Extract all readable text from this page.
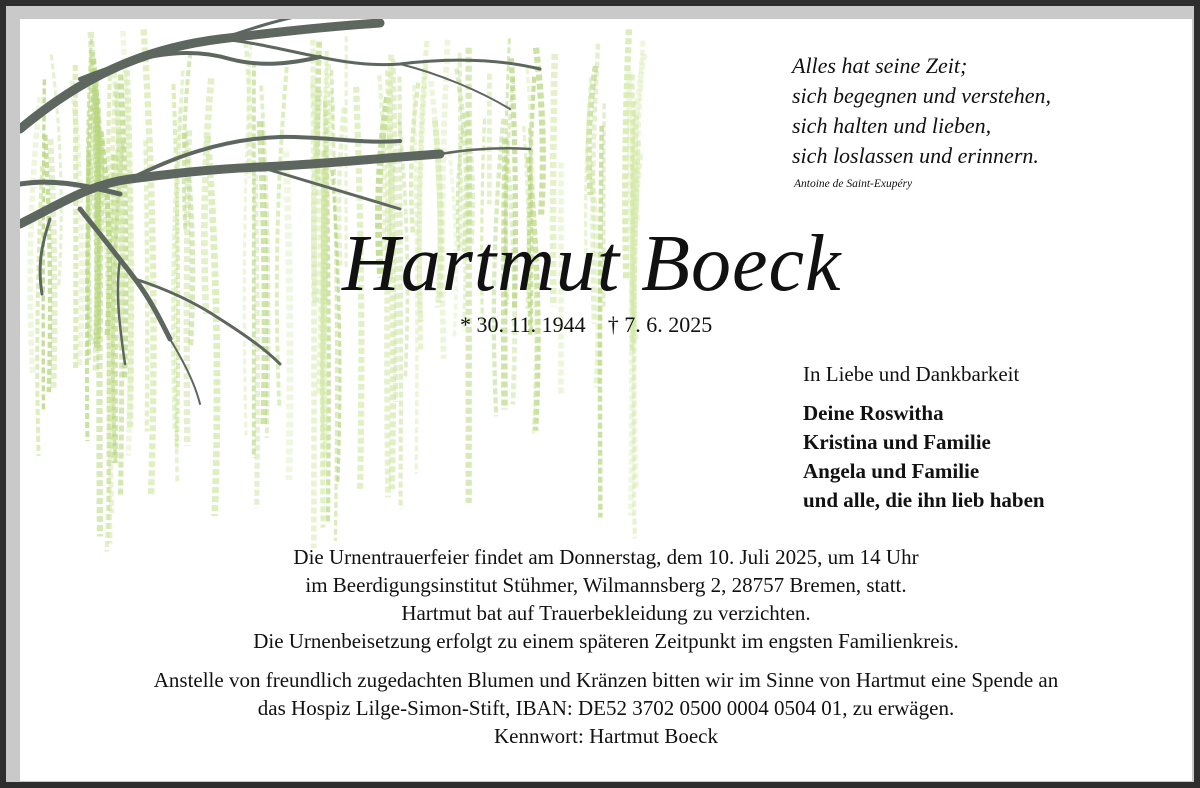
Alles hat seine Zeit;
sich begegnen und verstehen,
sich halten und lieben,
sich loslassen und erinnern.
Antoine de Saint-Exupéry
Hartmut Boeck
* 30. 11. 1944 † 7. 6. 2025
In Liebe und Dankbarkeit
Deine Roswitha
Kristina und Familie
Angela und Familie
und alle, die ihn lieb haben
Die Urnentrauerfeier findet am Donnerstag, dem 10. Juli 2025, um 14 Uhr
im Beerdigungsinstitut Stühmer, Wilmannsberg 2, 28757 Bremen, statt.
Hartmut bat auf Trauerbekleidung zu verzichten.
Die Urnenbeisetzung erfolgt zu einem späteren Zeitpunkt im engsten Familienkreis.
Anstelle von freundlich zugedachten Blumen und Kränzen bitten wir im Sinne von Hartmut eine Spende an
das Hospiz Lilge-Simon-Stift, IBAN: DE52 3702 0500 0004 0504 01, zu erwägen.
Kennwort: Hartmut Boeck
